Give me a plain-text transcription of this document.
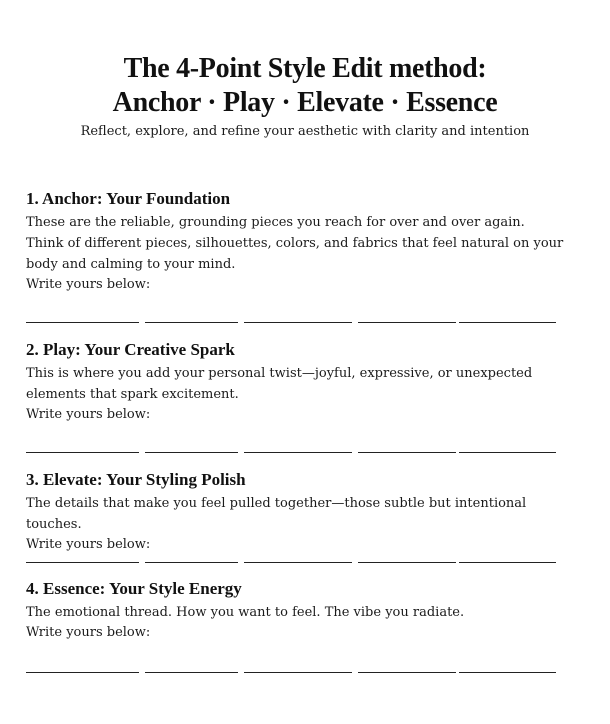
The 4-Point Style Edit method:
Anchor · Play · Elevate · Essence
Reflect, explore, and refine your aesthetic with clarity and intention
1. Anchor: Your Foundation

These are the reliable, grounding pieces you reach for over and over again. Think of different pieces, silhouettes, colors, and fabrics that feel natural on your body and calming to your mind.

Write yours below:

2. Play: Your Creative Spark

This is where you add your personal twist—joyful, expressive, or unexpected elements that spark excitement.

Write yours below:

3. Elevate: Your Styling Polish

The details that make you feel pulled together—those subtle but intentional touches.

Write yours below:

4. Essence: Your Style Energy

The emotional thread. How you want to feel. The vibe you radiate.

Write yours below:
